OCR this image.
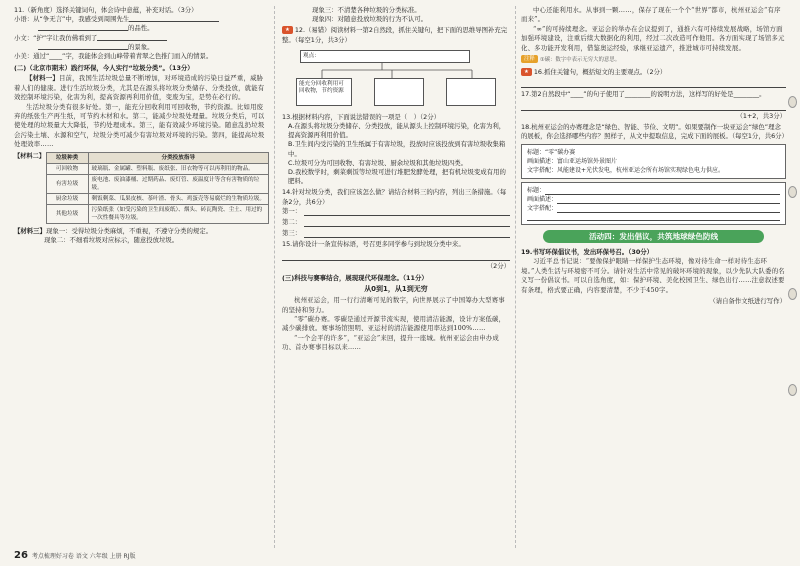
11.（新角度）选择关键词句，体会诗中意蕴，补充对话。（3分）
小语：从“争无言”中，我感受到周围先生
的品性。
小文：“护”字让我仿佛看到了
的景象。
小美：通过“____”字，我能体会到山峰带着青翠之色推门而入的情景。
(二)（北京市期末）践行环保，今人实行“垃圾分类”。（13分）
【材料一】目前，我国生活垃圾总量不断增加，对环境造成的污染日益严重，威胁着人们的健康。进行生活垃圾分类，尤其是在源头将垃圾分类储存、分类投放，就能有效控制环境污染，化害为利，提高资源再利用价值，变废为宝，是势在必行的。
生活垃圾分类有很多好处。第一，能充分回收利用可回收物，节约资源。比如用废弃的纸张生产再生纸，可节约木材和水。第二，能减少垃圾处理量。垃圾分类后，可以使处理的垃圾量大大降低，节约处理成本。第三，能有效减少环境污染。随意乱扔垃圾会污染土壤、水源和空气，垃圾分类可减少有害垃圾对环境的污染。第四，能提高垃圾处理效率……
【材料二】 垃圾种类	分类投放指导
可回收物	玻璃瓶、金属罐、塑料瓶、废纸张、旧衣物等可以再利用的物品。
有害垃圾	废电池、废油漆桶、过期药品、废灯管、废温度计等含有害物质的垃圾。
厨余垃圾	剩饭剩菜、瓜果皮核、茶叶渣、骨头、鸡蛋壳等易腐烂的生物质垃圾。
其他垃圾	污染纸张（如受污染的卫生间废纸）、烟头、砖瓦陶瓷、尘土、用过的一次性餐具等垃圾。
【材料三】现象一：受得垃圾分类麻烦，不重视，不遵守分类的规定。
现象二：不细看垃圾对应标示，随意投放垃圾。
26 考点梳理好习卷 语文 六年级 上册 RJ版
现象三：不清楚各种垃圾的分类标准。
现象四：对随意投放垃圾的行为不认可。
★ 12.（易错）阅读材料一第2自然段，抓住关键句，把下面的思维导图补充完整。（每空1分，共3分）
观点：
能充分回收利用可回收物，节约资源
13.根据材料内容，下面说法错误的一项是（　）（2分）
A.在源头将垃圾分类储存、分类投放，能从源头上控制环境污染，化害为利，提高资源再利用价值。
B.卫生间内受污染的卫生纸属于有害垃圾，投放时应该投放到有害垃圾收集箱中。
C.垃圾可分为可回收物、有害垃圾、厨余垃圾和其他垃圾四类。
D.我校数学时，剩菜剩饭等垃圾可进行堆肥发酵处理，把有机垃圾变成有用的肥料。
14.针对垃圾分类，我们应该怎么做？请结合材料三的内容，列出三条措施。（每条2分，共6分）
第一：
第二：
第三：
15.请你设计一条宣传标语，号召更多同学参与到垃圾分类中来。
（2分）
(三)科技与赛事结合，展现现代环保理念。（11分）
从0到1，从1到无穷
杭州亚运会，用一行行清晰可见的数字，向世界展示了中国筹办大型赛事的坚持和努力。
“零”碳办赛。零碳是通过开源节流实现，使用清洁能源，设计方案低碳，减少碳排放。赛事场馆照明、亚运村的清洁能源使用率达到100%……
“一个会平的许多”，“亚运会”来回，提升一座城。杭州亚运会由申办成功、首办赛事目标以来……
中心还能利用水。从事到一颗……，保存了现在一个个“世界”都市，杭州亚运会“有序而来”。
“∞”的可持续理念。亚运会的举办在会议提到了，通推六有可持续发展战略，场馆方面加强环境建设，注重后续大数据化的利用，经过二次改造可作他用。各方面实现了场馆多元化、多功能开发利用，借鉴奥运经验，承继亚运遗产，推进城市可持续发展。
注释 ①碳：数字中表示无穷大的意思。
★ 16.抓住关键句，概括短文的主要观点。（2分）
17.第2自然段中“____”的句子使用了________的说明方法，这样写的好处是________。
（1+2，共3分）
18.杭州亚运会的办赛理念是“绿色、智能、节俭、文明”。如果要制作一块亚运会“绿色”理念的展板，你会选择哪些内容？照样子，从文中提取信息，完成下面的展板。（每空1分，共6分）
标题：“零”碳办赛
画面描述：富山亚运场馆外景图片
文字搭配：风能建设+光伏发电，杭州亚运会所有场馆实现绿色电力供应。
标题：
画面描述：
文字搭配：
活动四：发出倡议，共筑地球绿色防线
19.书写环保倡议书，发出环保号召。（30分）
习近平总书记说：“要像保护眼睛一样保护生态环境，像对待生命一样对待生态环境。”人类生活与环境密不可分。请针对生活中常见的破坏环境的现象，以少先队大队委的名义写一份倡议书。可以自选角度，如：保护环境、美化校园卫生、绿色出行……注意叙述要有条理，格式要正确，内容要清楚，不少于450字。
（请自备作文纸进行写作）
